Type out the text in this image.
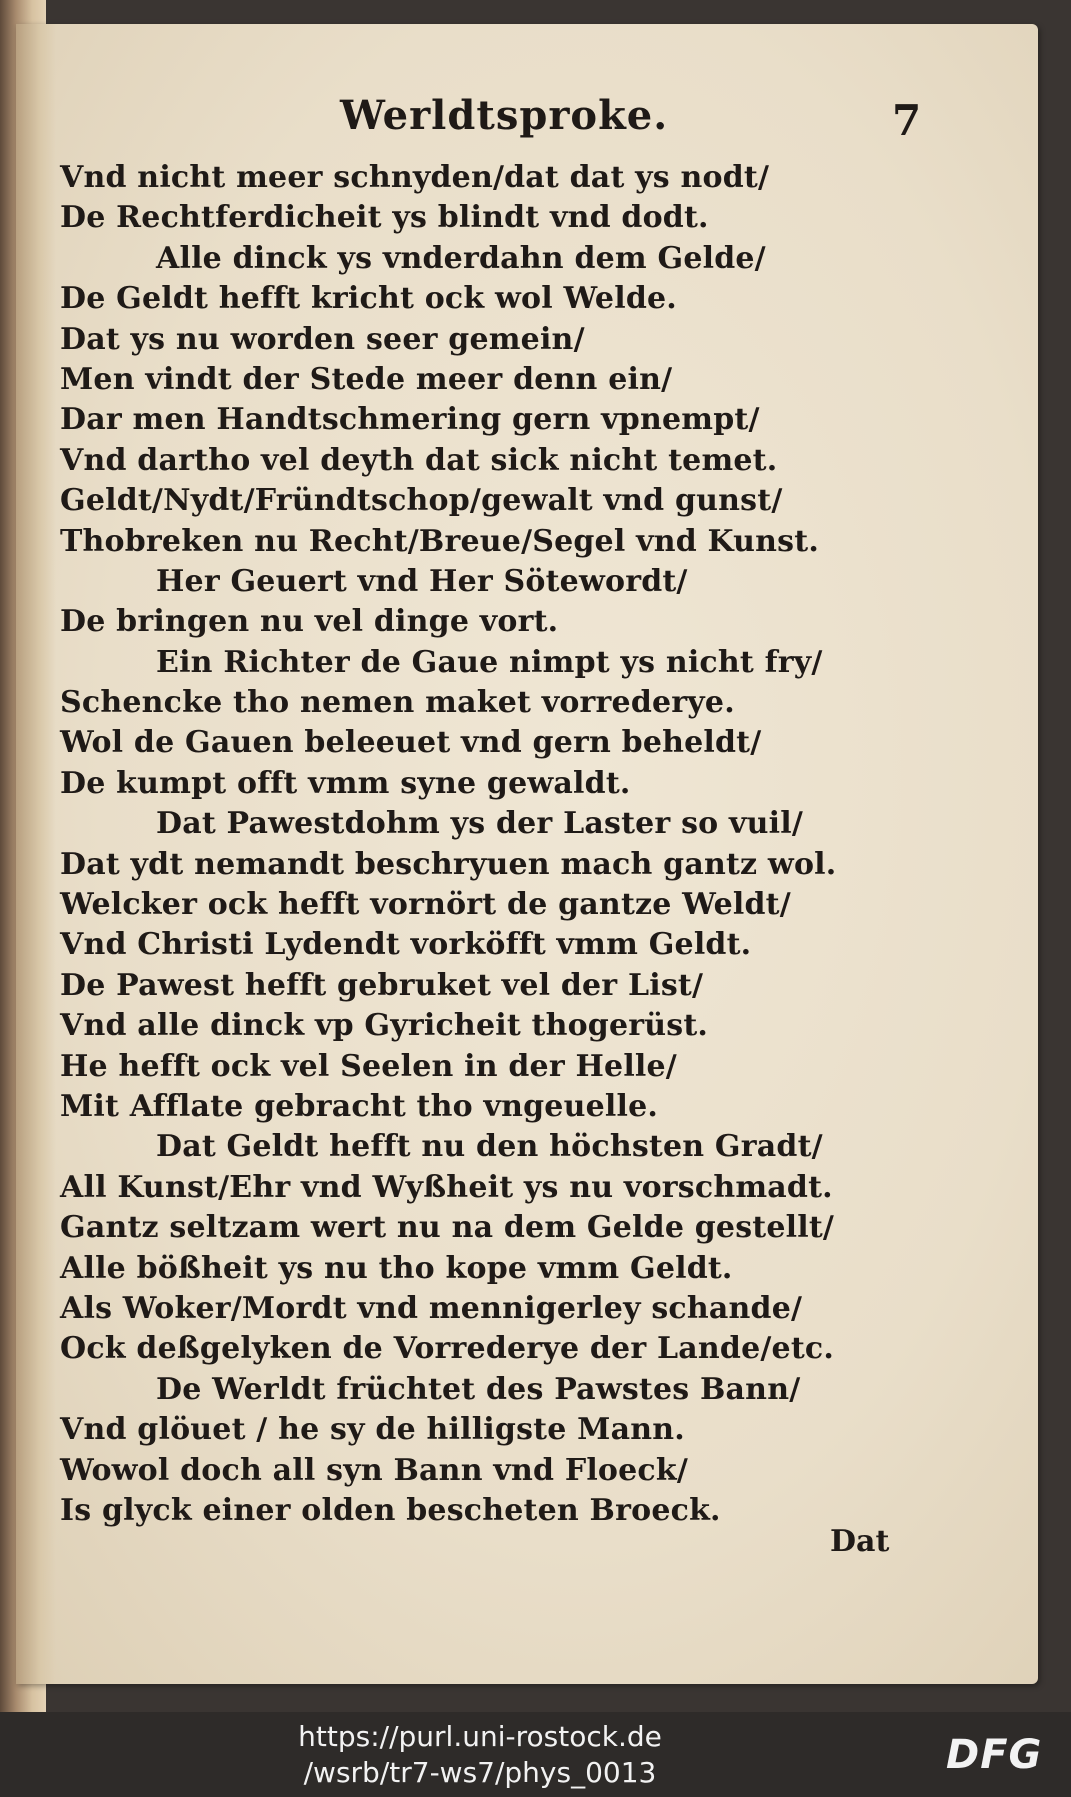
Werldtsproke.	7
Vnd nicht meer schnyden/dat dat ys nodt/
De Rechtferdicheit ys blindt vnd dodt.
Alle dinck ys vnderdahn dem Gelde/
De Geldt hefft kricht ock wol Welde.
Dat ys nu worden seer gemein/
Men vindt der Stede meer denn ein/
Dar men Handtschmering gern vpnempt/
Vnd dartho vel deyth dat sick nicht temet.
Geldt/Nydt/Fründtschop/gewalt vnd gunst/
Thobreken nu Recht/Breue/Segel vnd Kunst.
Her Geuert vnd Her Sötewordt/
De bringen nu vel dinge vort.
Ein Richter de Gaue nimpt ys nicht fry/
Schencke tho nemen maket vorrederye.
Wol de Gauen beleeuet vnd gern beheldt/
De kumpt offt vmm syne gewaldt.
Dat Pawestdohm ys der Laster so vuil/
Dat ydt nemandt beschryuen mach gantz wol.
Welcker ock hefft vornört de gantze Weldt/
Vnd Christi Lydendt vorköfft vmm Geldt.
De Pawest hefft gebruket vel der List/
Vnd alle dinck vp Gyricheit thogerüst.
He hefft ock vel Seelen in der Helle/
Mit Afflate gebracht tho vngeuelle.
Dat Geldt hefft nu den höchsten Gradt/
All Kunst/Ehr vnd Wyßheit ys nu vorschmadt.
Gantz seltzam wert nu na dem Gelde gestellt/
Alle bößheit ys nu tho kope vmm Geldt.
Als Woker/Mordt vnd mennigerley schande/
Ock deßgelyken de Vorrederye der Lande/etc.
De Werldt früchtet des Pawstes Bann/
Vnd glöuet / he sy de hilligste Mann.
Wowol doch all syn Bann vnd Floeck/
Is glyck einer olden bescheten Broeck.
Dat
https://purl.uni-rostock.de
/wsrb/tr7-ws7/phys_0013	DFG
